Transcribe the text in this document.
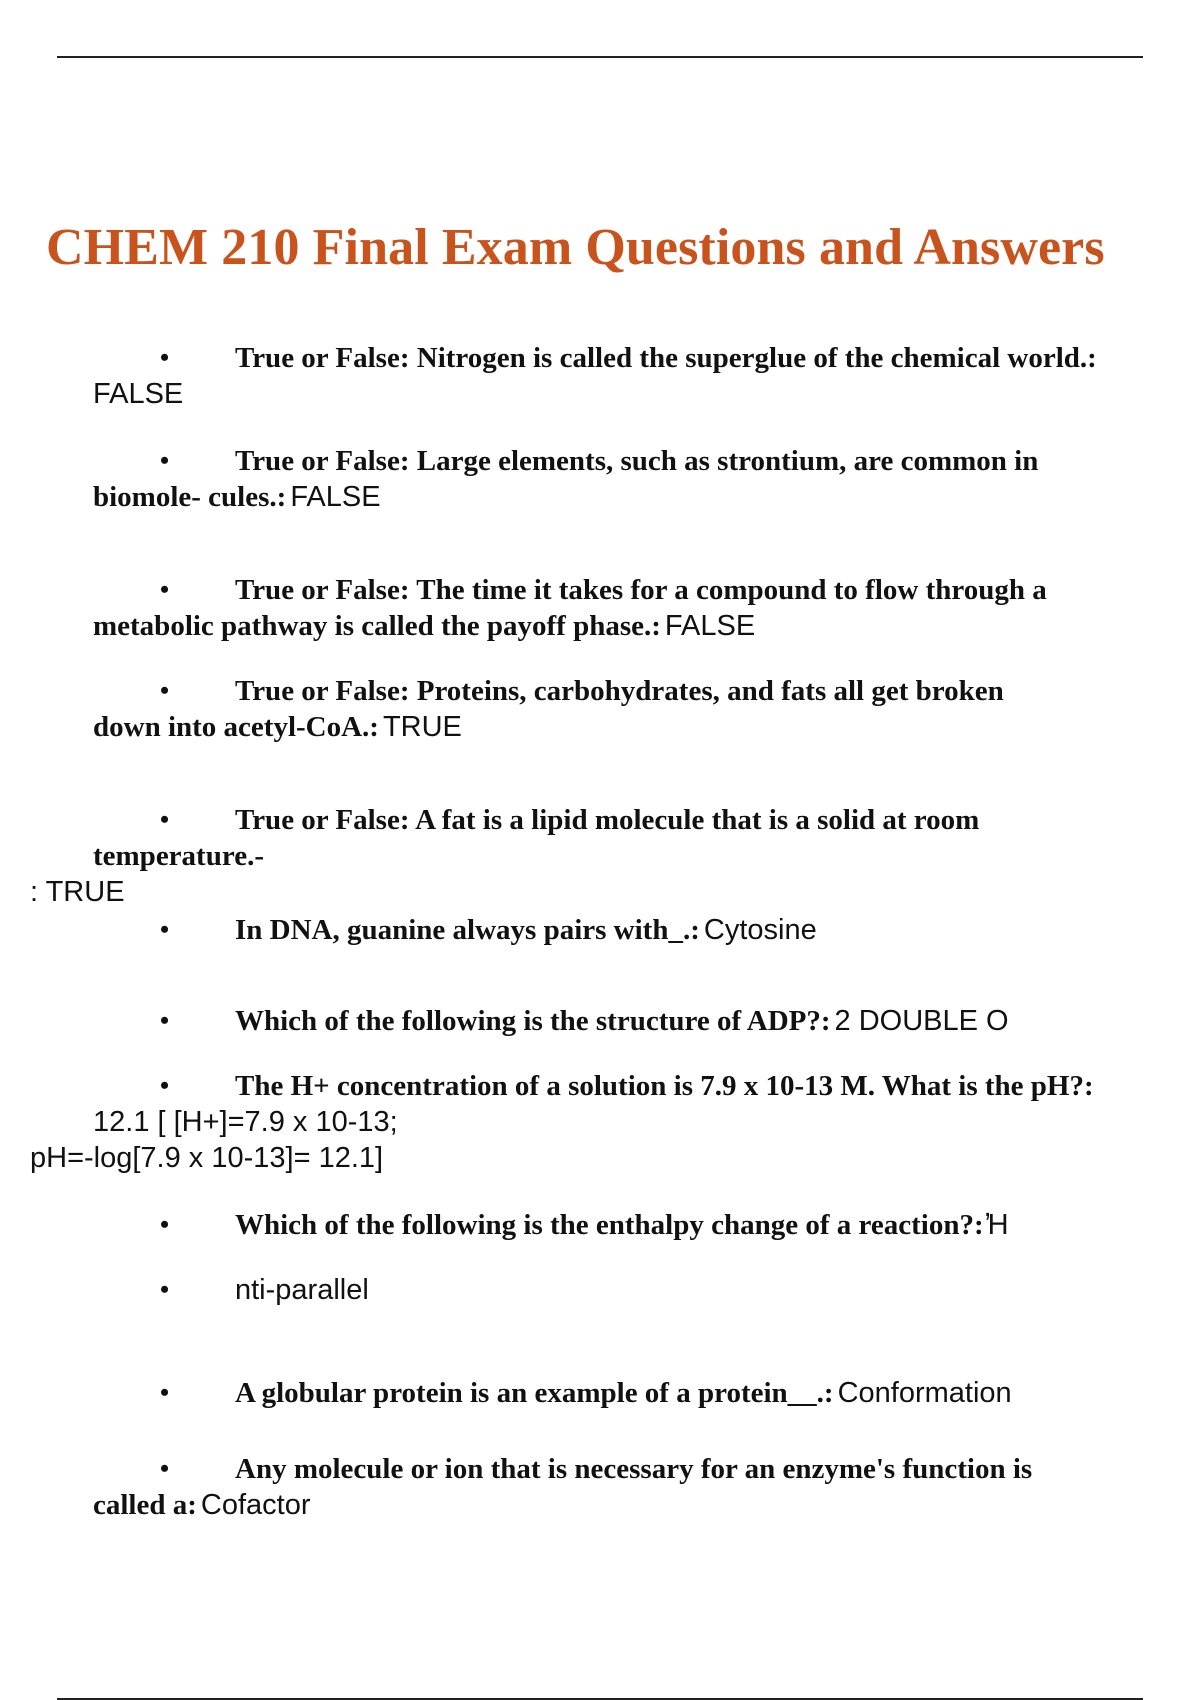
CHEM 210 Final Exam Questions and Answers
• True or False: Nitrogen is called the superglue of the chemical world.:
FALSE
• True or False: Large elements, such as strontium, are common in
biomole- cules.: FALSE
• True or False: The time it takes for a compound to flow through a
metabolic pathway is called the payoff phase.: FALSE
• True or False: Proteins, carbohydrates, and fats all get broken
down into acetyl-CoA.: TRUE
• True or False: A fat is a lipid molecule that is a solid at room
temperature.-
: TRUE
• In DNA, guanine always pairs with_.: Cytosine
• Which of the following is the structure of ADP?: 2 DOUBLE O
• The H+ concentration of a solution is 7.9 x 10-13 M. What is the pH?:
12.1 [ [H+]=7.9 x 10-13;
pH=-log[7.9 x 10-13]= 12.1]
• Which of the following is the enthalpy change of a reaction?: ̓H
• nti-parallel
• A globular protein is an example of a protein__.: Conformation
• Any molecule or ion that is necessary for an enzyme's function is
called a: Cofactor
